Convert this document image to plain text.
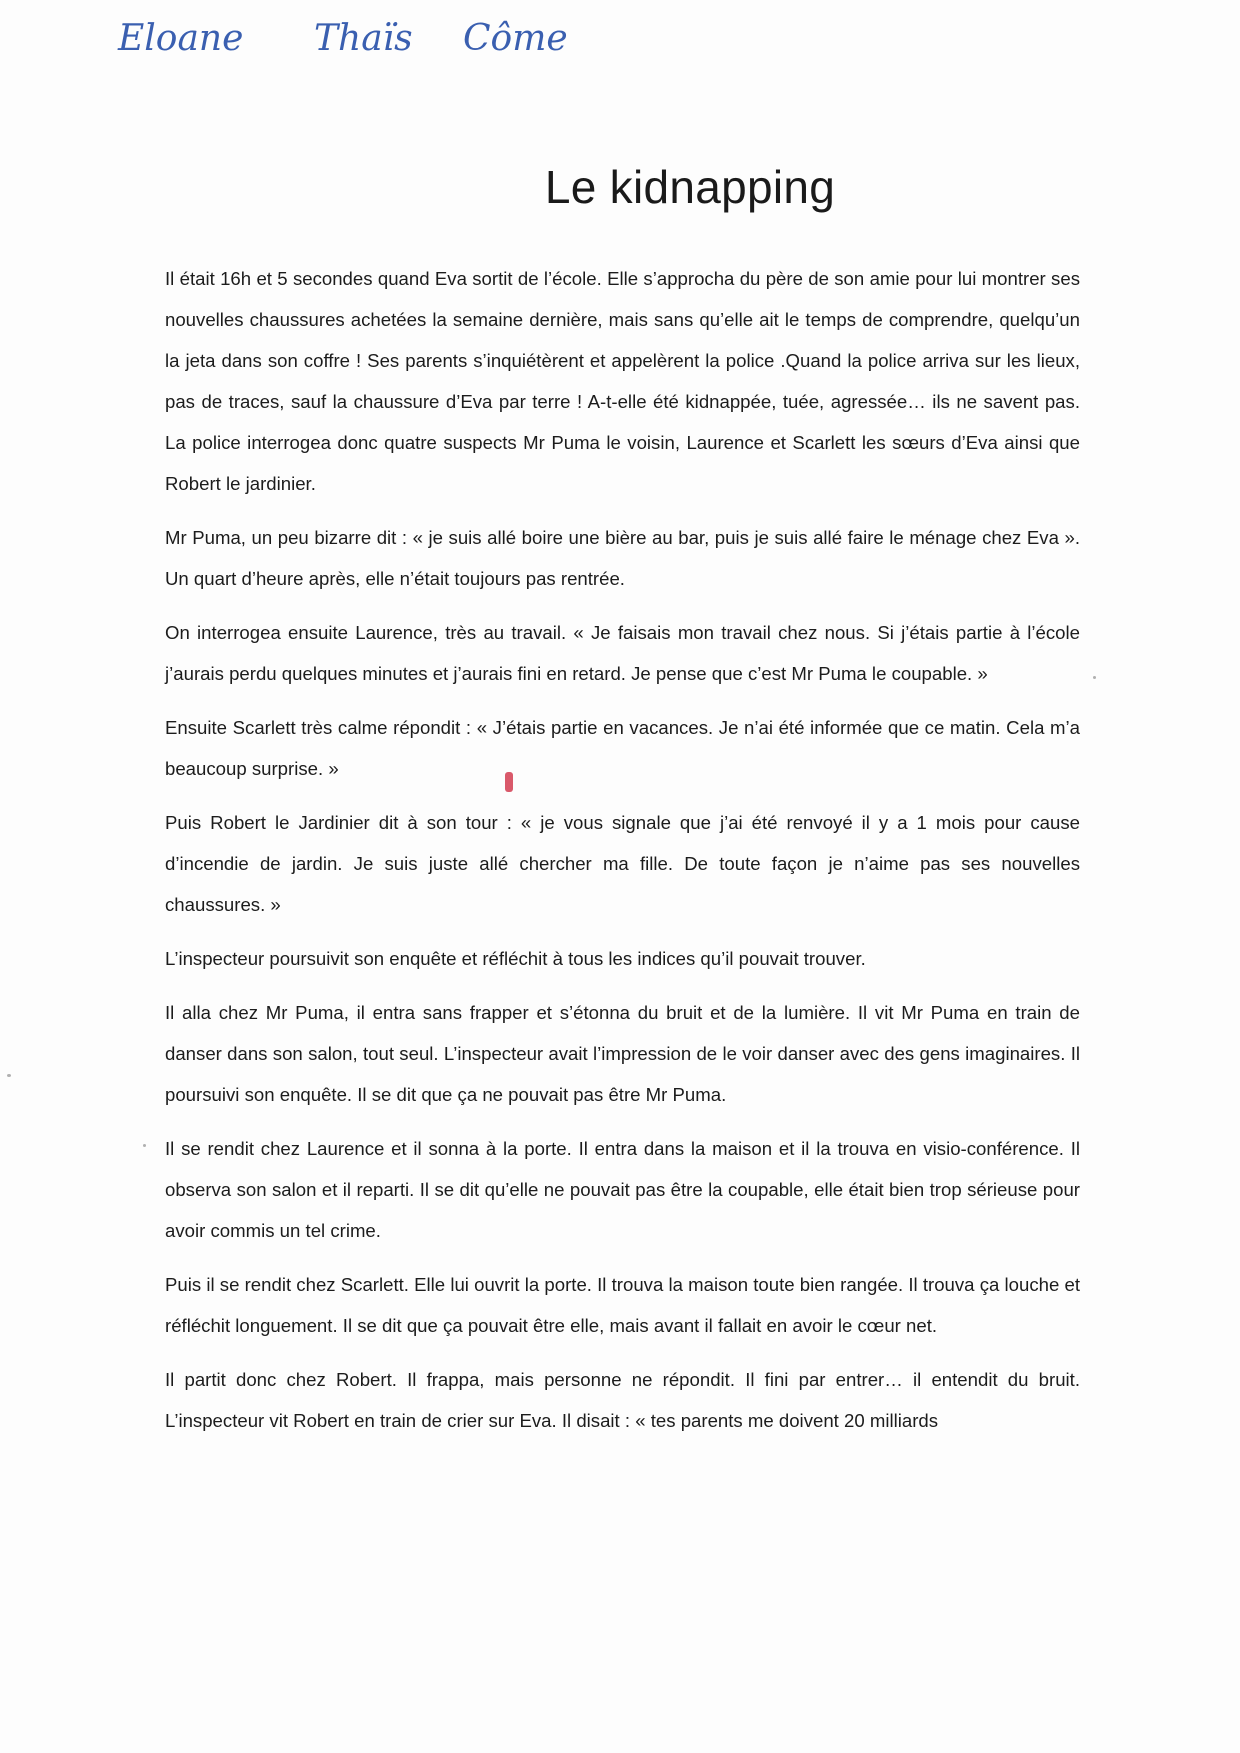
Eloane Thaïs Côme
Le kidnapping

Il était 16h et 5 secondes quand Eva sortit de l’école. Elle s’approcha du père de son amie pour lui montrer ses nouvelles chaussures achetées la semaine dernière, mais sans qu’elle ait le temps de comprendre, quelqu’un la jeta dans son coffre ! Ses parents s’inquiétèrent et appelèrent la police .Quand la police arriva sur les lieux, pas de traces, sauf la chaussure d’Eva par terre ! A-t-elle été kidnappée, tuée, agressée… ils ne savent pas. La police interrogea donc quatre suspects Mr Puma le voisin, Laurence et Scarlett les sœurs d’Eva ainsi que Robert le jardinier.

Mr Puma, un peu bizarre dit : « je suis allé boire une bière au bar, puis je suis allé faire le ménage chez Eva ». Un quart d’heure après, elle n’était toujours pas rentrée.

On interrogea ensuite Laurence, très au travail. « Je faisais mon travail chez nous. Si j’étais partie à l’école j’aurais perdu quelques minutes et j’aurais fini en retard. Je pense que c’est Mr Puma le coupable. »

Ensuite Scarlett très calme répondit : « J’étais partie en vacances. Je n’ai été informée que ce matin. Cela m’a beaucoup surprise. »

Puis Robert le Jardinier dit à son tour : « je vous signale que j’ai été renvoyé il y a 1 mois pour cause d’incendie de jardin. Je suis juste allé chercher ma fille. De toute façon je n’aime pas ses nouvelles chaussures. »

L’inspecteur poursuivit son enquête et réfléchit à tous les indices qu’il pouvait trouver.

Il alla chez Mr Puma, il entra sans frapper et s’étonna du bruit et de la lumière. Il vit Mr Puma en train de danser dans son salon, tout seul. L’inspecteur avait l’impression de le voir danser avec des gens imaginaires. Il poursuivi son enquête. Il se dit que ça ne pouvait pas être Mr Puma.

Il se rendit chez Laurence et il sonna à la porte. Il entra dans la maison et il la trouva en visio-conférence. Il observa son salon et il reparti. Il se dit qu’elle ne pouvait pas être la coupable, elle était bien trop sérieuse pour avoir commis un tel crime.

Puis il se rendit chez Scarlett. Elle lui ouvrit la porte. Il trouva la maison toute bien rangée. Il trouva ça louche et réfléchit longuement. Il se dit que ça pouvait être elle, mais avant il fallait en avoir le cœur net.

Il partit donc chez Robert. Il frappa, mais personne ne répondit. Il fini par entrer… il entendit du bruit. L’inspecteur vit Robert en train de crier sur Eva. Il disait : « tes parents me doivent 20 milliards
